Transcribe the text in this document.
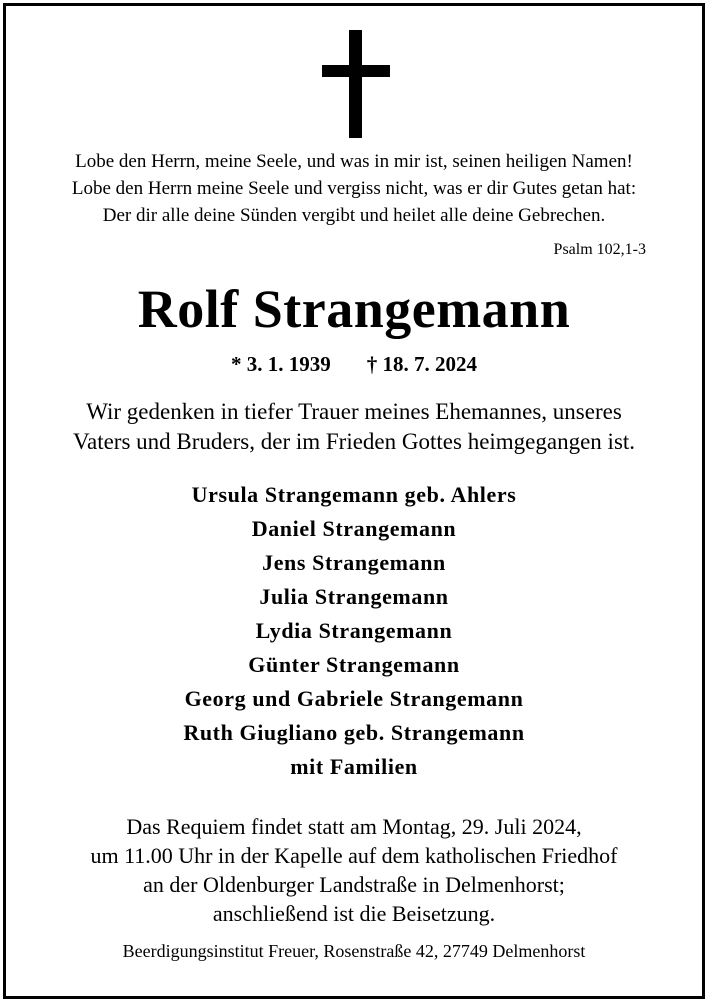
Lobe den Herrn, meine Seele, und was in mir ist, seinen heiligen Namen!
Lobe den Herrn meine Seele und vergiss nicht, was er dir Gutes getan hat:
Der dir alle deine Sünden vergibt und heilet alle deine Gebrechen.
Psalm 102,1-3
Rolf Strangemann
* 3. 1. 1939 † 18. 7. 2024
Wir gedenken in tiefer Trauer meines Ehemannes, unseres
Vaters und Bruders, der im Frieden Gottes heimgegangen ist.
Ursula Strangemann geb. Ahlers
Daniel Strangemann
Jens Strangemann
Julia Strangemann
Lydia Strangemann
Günter Strangemann
Georg und Gabriele Strangemann
Ruth Giugliano geb. Strangemann
mit Familien
Das Requiem findet statt am Montag, 29. Juli 2024,
um 11.00 Uhr in der Kapelle auf dem katholischen Friedhof
an der Oldenburger Landstraße in Delmenhorst;
anschließend ist die Beisetzung.
Beerdigungsinstitut Freuer, Rosenstraße 42, 27749 Delmenhorst
